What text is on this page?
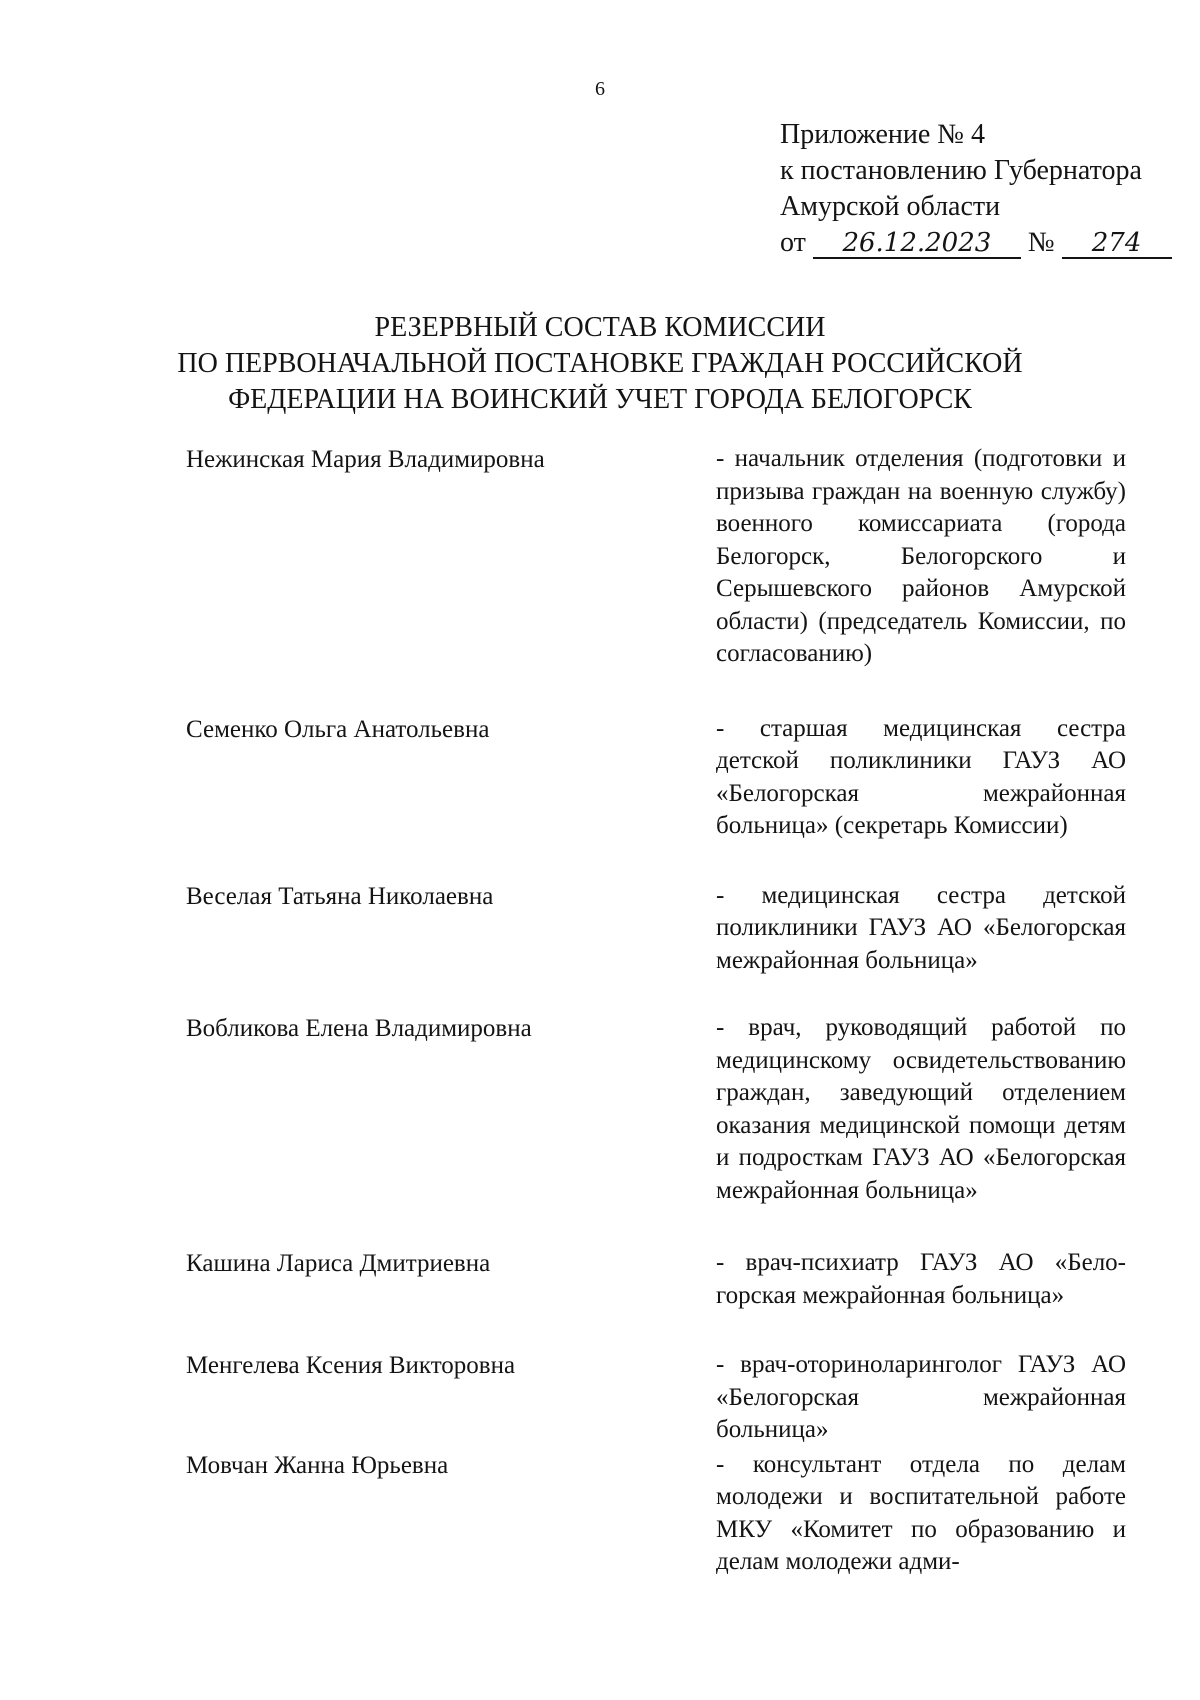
6
Приложение № 4
к постановлению Губернатора
Амурской области
от 26.12.2023 № 274
РЕЗЕРВНЫЙ СОСТАВ КОМИССИИ
ПО ПЕРВОНАЧАЛЬНОЙ ПОСТАНОВКЕ ГРАЖДАН РОССИЙСКОЙ
ФЕДЕРАЦИИ НА ВОИНСКИЙ УЧЕТ ГОРОДА БЕЛОГОРСК
Нежинская Мария Владимировна	- начальник отделения (подготовки и призыва граждан на военную службу) военного комиссариата (города Белогорск, Белогорского и Серышевского районов Амурской области) (председатель Комиссии, по согласованию)
Семенко Ольга Анатольевна	- старшая медицинская сестра детской поликлиники ГАУЗ АО «Белогорская межрайонная больница» (секретарь Комиссии)
Веселая Татьяна Николаевна	- медицинская сестра детской поликлиники ГАУЗ АО «Белогорская межрайонная больница»
Вобликова Елена Владимировна	- врач, руководящий работой по медицинскому освидетельствованию граждан, заведующий отделением оказания медицинской помощи детям и подросткам ГАУЗ АО «Белогорская межрайонная больница»
Кашина Лариса Дмитриевна	- врач-психиатр ГАУЗ АО «Белогорская межрайонная больница»
Менгелева Ксения Викторовна	- врач-оториноларинголог ГАУЗ АО «Белогорская межрайонная больница»
Мовчан Жанна Юрьевна	- консультант отдела по делам молодежи и воспитательной работе МКУ «Комитет по образованию и делам молодежи адми-
